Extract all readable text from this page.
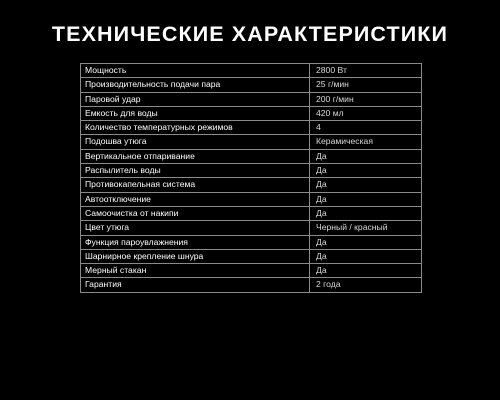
ТЕХНИЧЕСКИЕ ХАРАКТЕРИСТИКИ
Мощность	2800 Вт
Производительность подачи пара	25 г/мин
Паровой удар	200 г/мин
Емкость для воды	420 мл
Количество температурных режимов	4
Подошва утюга	Керамическая
Вертикальное отпаривание	Да
Распылитель воды	Да
Противокапельная система	Да
Автоотключение	Да
Самоочистка от накипи	Да
Цвет утюга	Черный / красный
Функция пароувлажнения	Да
Шарнирное крепление шнура	Да
Мерный стакан	Да
Гарантия	2 года
